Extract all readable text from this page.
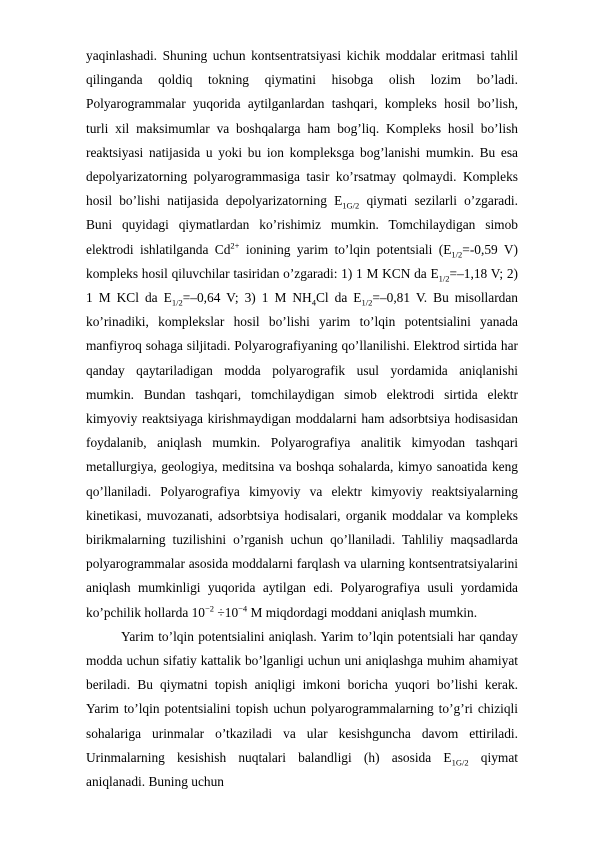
yaqinlashadi. Shuning uchun kontsentratsiyasi kichik moddalar eritmasi tahlil qilinganda qoldiq tokning qiymatini hisobga olish lozim bo’ladi. Polyarogrammalar yuqorida aytilganlardan tashqari, kompleks hosil bo’lish, turli xil maksimumlar va boshqalarga ham bog’liq. Kompleks hosil bo’lish reaktsiyasi natijasida u yoki bu ion kompleksga bog’lanishi mumkin. Bu esa depolyarizatorning polyarogrammasiga tasir ko’rsatmay qolmaydi. Kompleks hosil bo’lishi natijasida depolyarizatorning $E_{1G/2}$ qiymati sezilarli o’zgaradi. Buni quyidagi qiymatlardan ko’rishimiz mumkin. Tomchilaydigan simob elektrodi ishlatilganda $Cd^{2+}$ ionining yarim to’lqin potentsiali ($E_{1/2}=-0,59$ V) kompleks hosil qiluvchilar tasiridan o’zgaradi: 1) 1 M KCN da $E_{1/2}=-1,18$ V; 2) 1 M KCl da $E_{1/2}=-0,64$ V; 3) 1 M $NH_4Cl$ da $E_{1/2}=-0,81$ V. Bu misollardan ko’rinadiki, komplekslar hosil bo’lishi yarim to’lqin potentsialini yanada manfiyroq sohaga siljitadi. Polyarografiyaning qo’llanilishi. Elektrod sirtida har qanday qaytariladigan modda polyarografik usul yordamida aniqlanishi mumkin. Bundan tashqari, tomchilaydigan simob elektrodi sirtida elektr kimyoviy reaktsiyaga kirishmaydigan moddalarni ham adsorbtsiya hodisasidan foydalanib, aniqlash mumkin. Polyarografiya analitik kimyodan tashqari metallurgiya, geologiya, meditsina va boshqa sohalarda, kimyo sanoatida keng qo’llaniladi. Polyarografiya kimyoviy va elektr kimyoviy reaktsiyalarning kinetikasi, muvozanati, adsorbtsiya hodisalari, organik moddalar va kompleks birikmalarning tuzilishini o’rganish uchun qo’llaniladi. Tahliliy maqsadlarda polyarogrammalar asosida moddalarni farqlash va ularning kontsentratsiyalarini aniqlash mumkinligi yuqorida aytilgan edi. Polyarografiya usuli yordamida ko’pchilik hollarda $10^{-2} \div 10^{-4}$ M miqdordagi moddani aniqlash mumkin.

Yarim to’lqin potentsialini aniqlash. Yarim to’lqin potentsiali har qanday modda uchun sifatiy kattalik bo’lganligi uchun uni aniqlashga muhim ahamiyat beriladi. Bu qiymatni topish aniqligi imkoni boricha yuqori bo’lishi kerak. Yarim to’lqin potentsialini topish uchun polyarogrammalarning to’g’ri chiziqli sohalariga urinmalar o’tkaziladi va ular kesishguncha davom ettiriladi. Urinmalarning kesishish nuqtalari balandligi (h) asosida $E_{1G/2}$ qiymat aniqlanadi. Buning uchun
